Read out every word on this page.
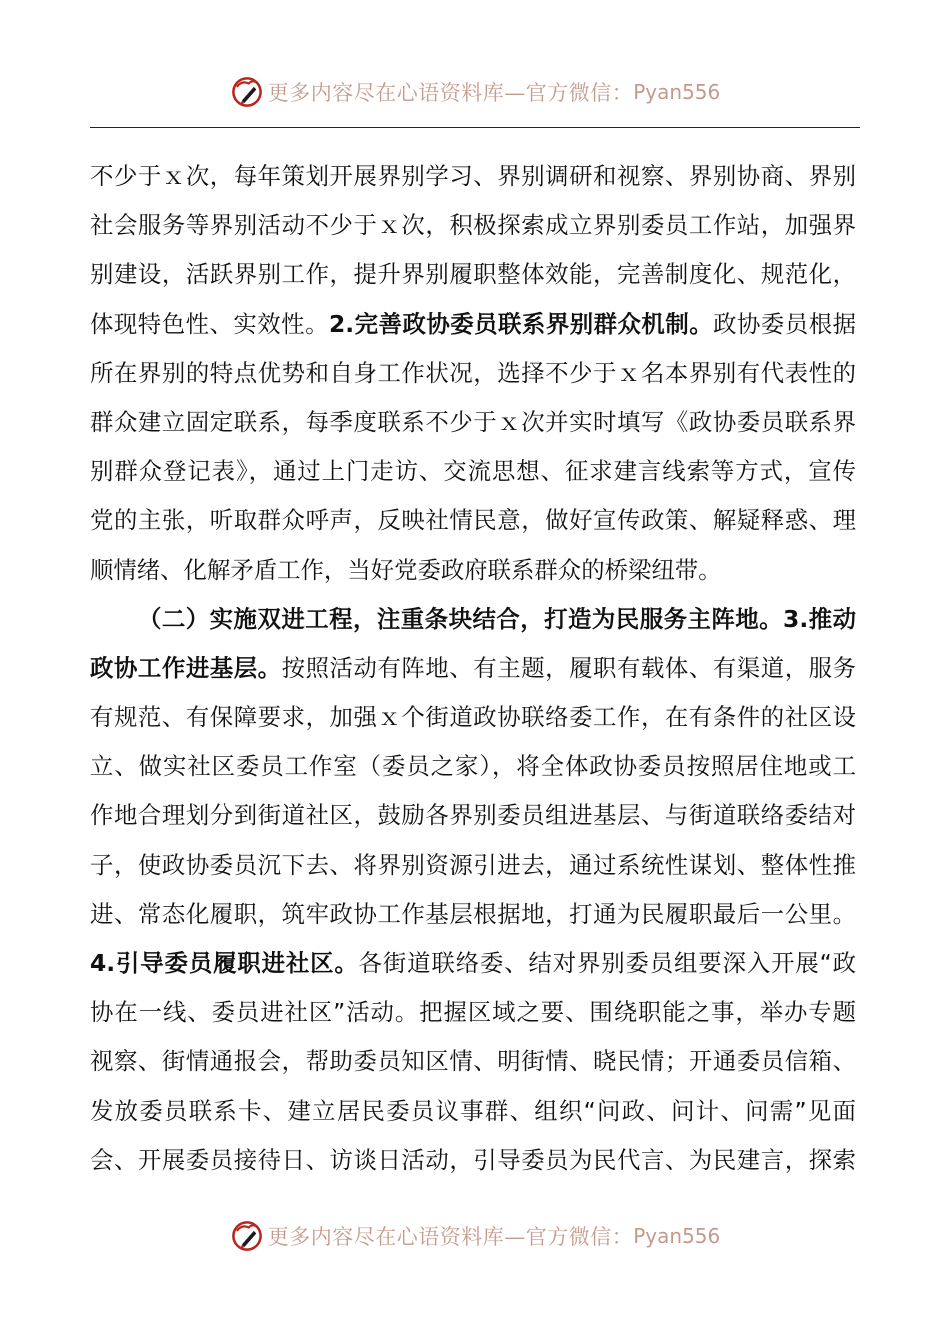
更多内容尽在心语资料库—官方微信： Pyan556
不少于ｘ次，每年策划开展界别学习、界别调研和视察、界别协商、界别
社会服务等界别活动不少于ｘ次，积极探索成立界别委员工作站，加强界
别建设，活跃界别工作，提升界别履职整体效能，完善制度化、规范化，
体现特色性、实效性。2.完善政协委员联系界别群众机制。政协委员根据
所在界别的特点优势和自身工作状况，选择不少于ｘ名本界别有代表性的
群众建立固定联系，每季度联系不少于ｘ次并实时填写《政协委员联系界
别群众登记表》，通过上门走访、交流思想、征求建言线索等方式，宣传
党的主张，听取群众呼声，反映社情民意，做好宣传政策、解疑释惑、理
顺情绪、化解矛盾工作，当好党委政府联系群众的桥梁纽带。
（二）实施双进工程，注重条块结合，打造为民服务主阵地。3.推动
政协工作进基层。按照活动有阵地、有主题，履职有载体、有渠道，服务
有规范、有保障要求，加强ｘ个街道政协联络委工作，在有条件的社区设
立、做实社区委员工作室（委员之家），将全体政协委员按照居住地或工
作地合理划分到街道社区，鼓励各界别委员组进基层、与街道联络委结对
子，使政协委员沉下去、将界别资源引进去，通过系统性谋划、整体性推
进、常态化履职，筑牢政协工作基层根据地，打通为民履职最后一公里。
4.引导委员履职进社区。各街道联络委、结对界别委员组要深入开展“政
协在一线、委员进社区”活动。把握区域之要、围绕职能之事，举办专题
视察、街情通报会，帮助委员知区情、明街情、晓民情；开通委员信箱、
发放委员联系卡、建立居民委员议事群、组织“问政、问计、问需”见面
会、开展委员接待日、访谈日活动，引导委员为民代言、为民建言，探索
更多内容尽在心语资料库—官方微信： Pyan556
